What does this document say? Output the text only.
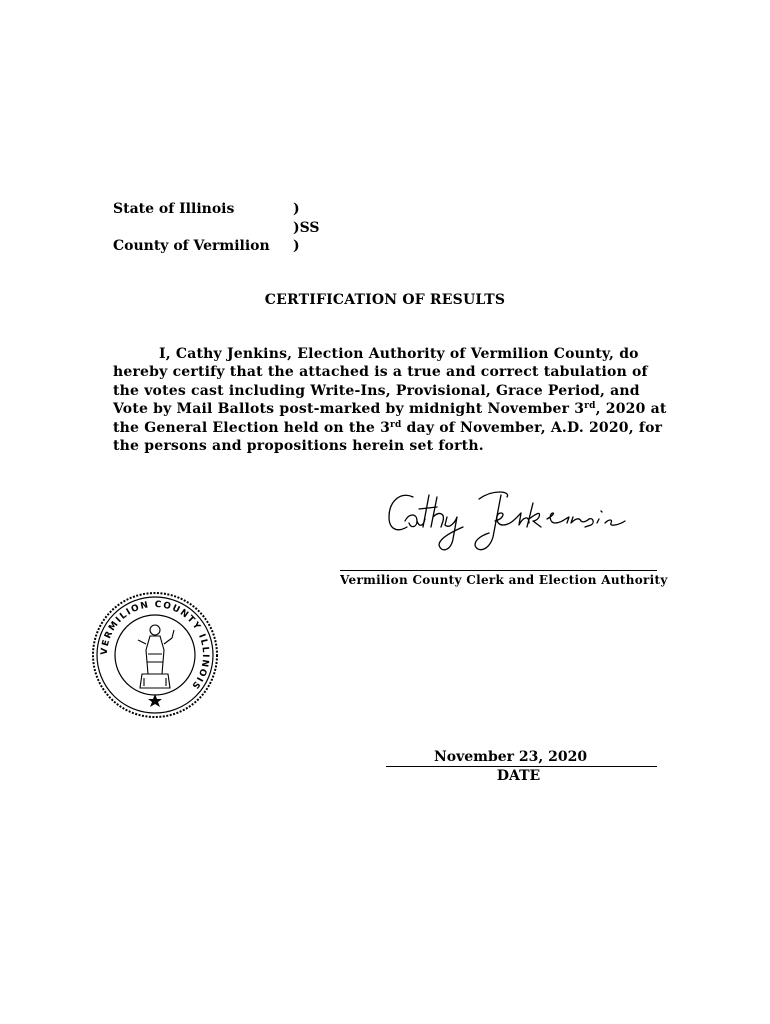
State of Illinois	)
)SS
County of Vermilion )
CERTIFICATION OF RESULTS

I, Cathy Jenkins, Election Authority of Vermilion County, do

hereby certify that the attached is a true and correct tabulation of

the votes cast including Write-Ins, Provisional, Grace Period, and

Vote by Mail Ballots post-marked by midnight November 3rd, 2020 at

the General Election held on the 3rd day of November, A.D. 2020, for

the persons and propositions herein set forth.

Vermilion County Clerk and Election Authority
VERMILION COUNTY ILLINOIS
November 23, 2020
DATE
